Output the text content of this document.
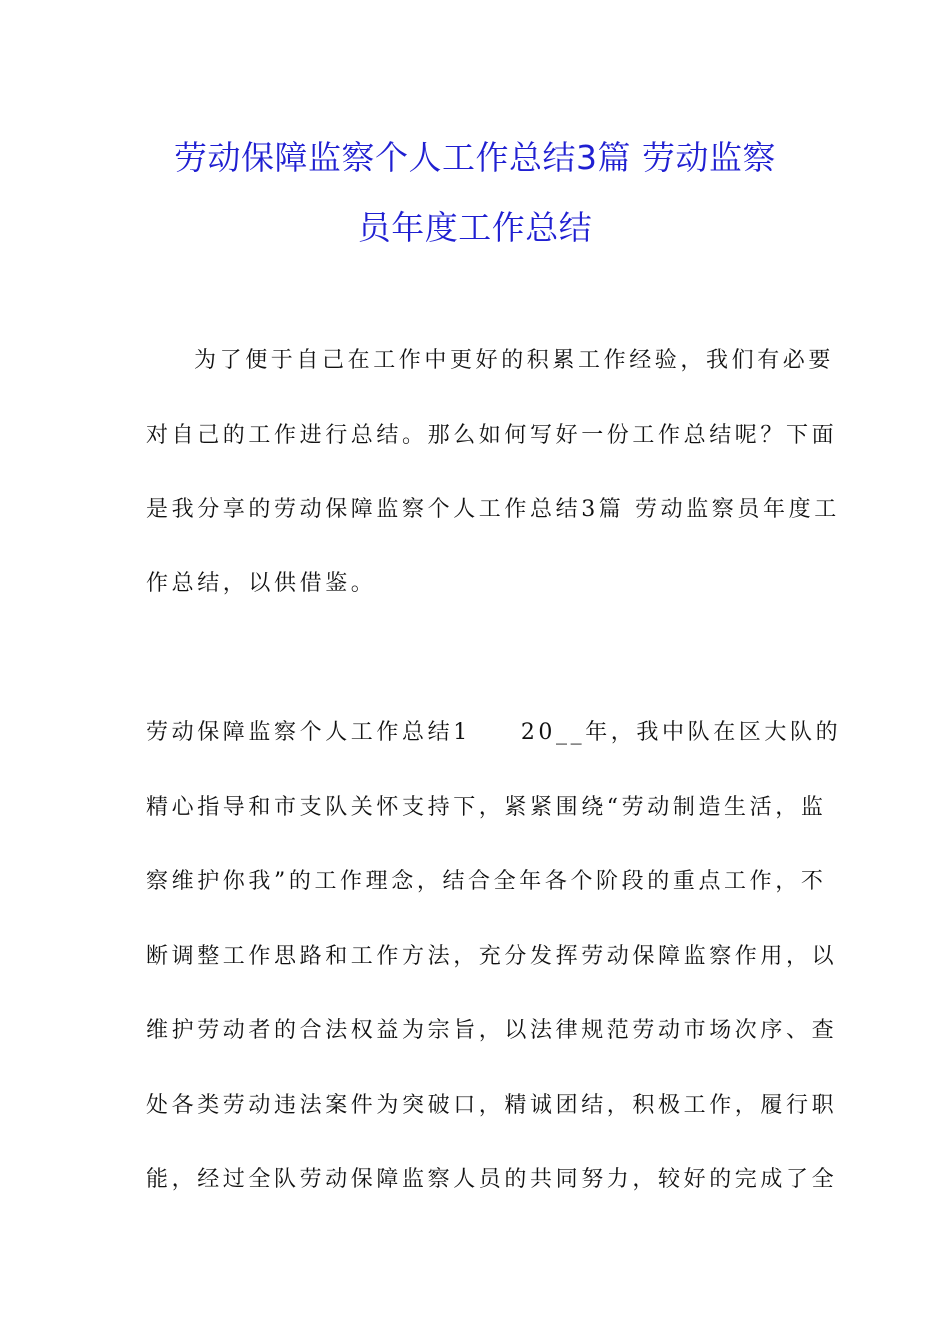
劳动保障监察个人工作总结3篇 劳动监察
员年度工作总结
为了便于自己在工作中更好的积累工作经验，我们有必要
对自己的工作进行总结。那么如何写好一份工作总结呢？下面
是我分享的劳动保障监察个人工作总结3篇 劳动监察员年度工
作总结，以供借鉴。
劳动保障监察个人工作总结1 20__年，我中队在区大队的
精心指导和市支队关怀支持下，紧紧围绕“劳动制造生活，监
察维护你我”的工作理念，结合全年各个阶段的重点工作，不
断调整工作思路和工作方法，充分发挥劳动保障监察作用，以
维护劳动者的合法权益为宗旨，以法律规范劳动市场次序、查
处各类劳动违法案件为突破口，精诚团结，积极工作，履行职
能，经过全队劳动保障监察人员的共同努力，较好的完成了全
